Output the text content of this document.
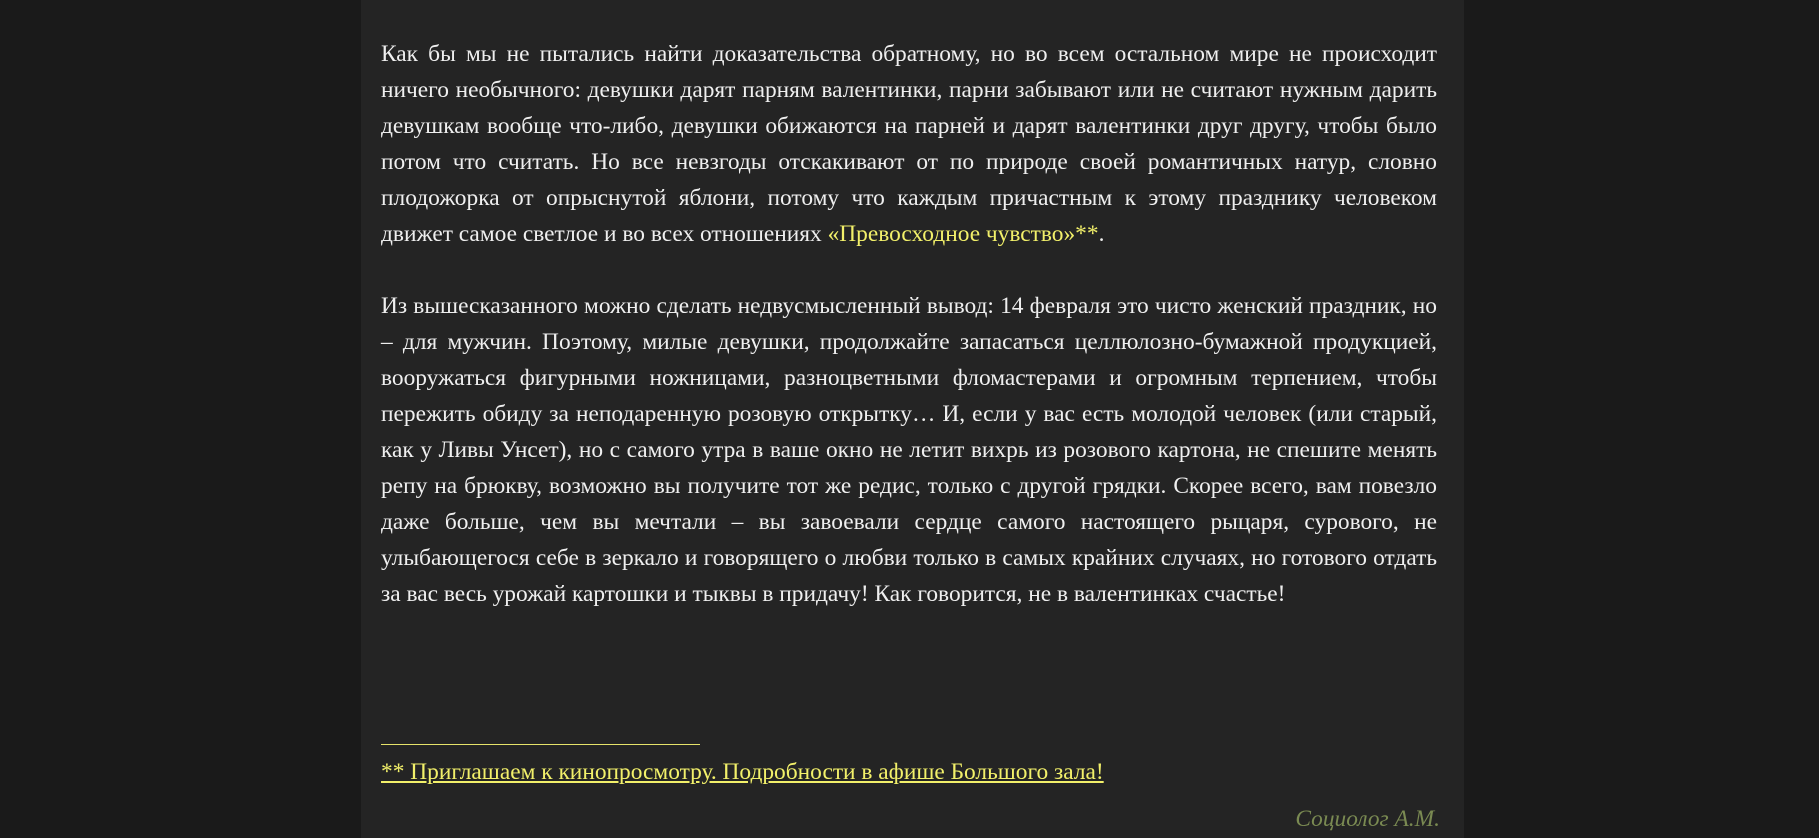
Как бы мы не пытались найти доказательства обратному, но во всем остальном мире не происходит ничего необычного: девушки дарят парням валентинки, парни забывают или не считают нужным дарить девушкам вообще что-либо, девушки обижаются на парней и дарят валентинки друг другу, чтобы было потом что считать. Но все невзгоды отскакивают от по природе своей романтичных натур, словно плодожорка от опрыснутой яблони, потому что каждым причастным к этому празднику человеком движет самое светлое и во всех отношениях «Превосходное чувство»**.

Из вышесказанного можно сделать недвусмысленный вывод: 14 февраля это чисто женский праздник, но – для мужчин. Поэтому, милые девушки, продолжайте запасаться целлюлозно-бумажной продукцией, вооружаться фигурными ножницами, разноцветными фломастерами и огромным терпением, чтобы пережить обиду за неподаренную розовую открытку… И, если у вас есть молодой человек (или старый, как у Ливы Унсет), но с самого утра в ваше окно не летит вихрь из розового картона, не спешите менять репу на брюкву, возможно вы получите тот же редис, только с другой грядки. Скорее всего, вам повезло даже больше, чем вы мечтали – вы завоевали сердце самого настоящего рыцаря, сурового, не улыбающегося себе в зеркало и говорящего о любви только в самых крайних случаях, но готового отдать за вас весь урожай картошки и тыквы в придачу! Как говорится, не в валентинках счастье!

** Приглашаем к кинопросмотру. Подробности в афише Большого зала!
Социолог А.М.
